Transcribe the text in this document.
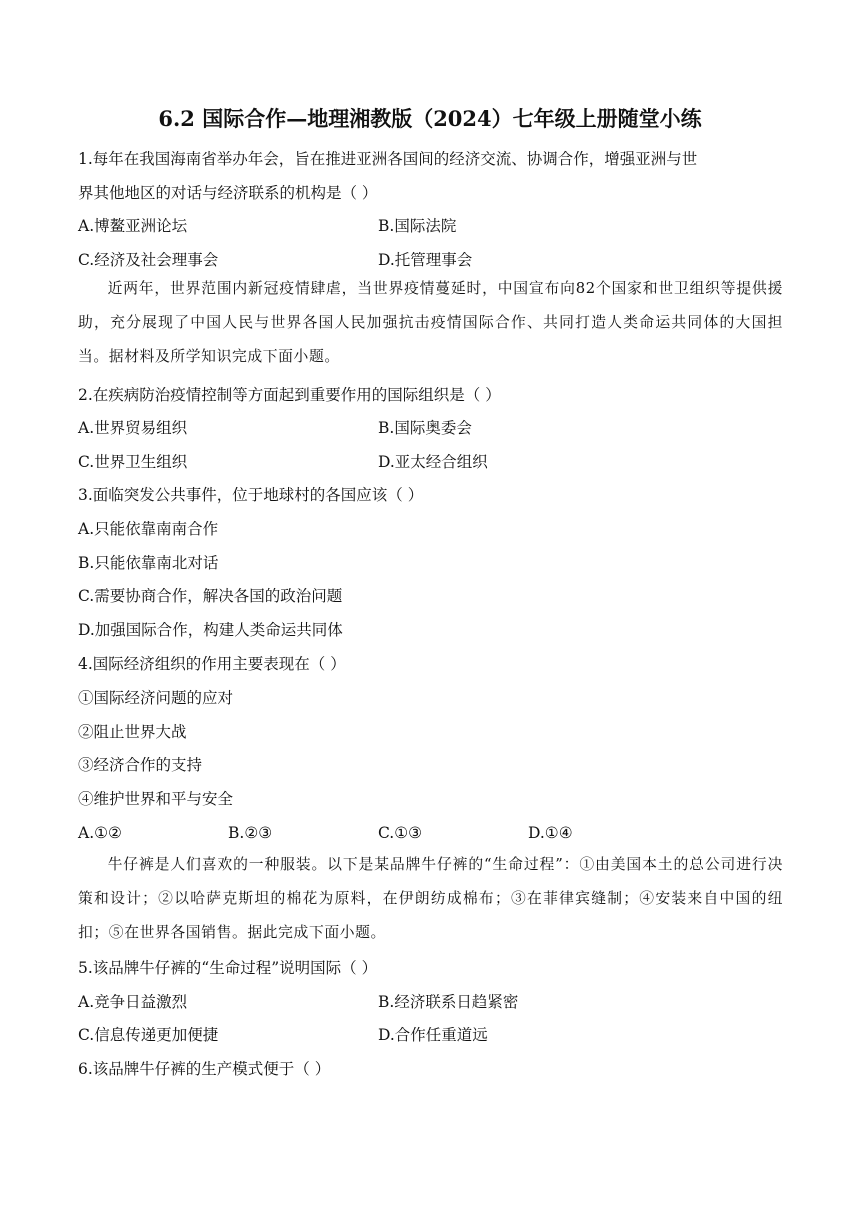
6.2 国际合作—地理湘教版（2024）七年级上册随堂小练
1.每年在我国海南省举办年会，旨在推进亚洲各国间的经济交流、协调合作，增强亚洲与世
界其他地区的对话与经济联系的机构是（ ）
A.博鳌亚洲论坛	B.国际法院
C.经济及社会理事会	D.托管理事会
近两年，世界范围内新冠疫情肆虐，当世界疫情蔓延时，中国宣布向82个国家和世卫组织等提供援助，充分展现了中国人民与世界各国人民加强抗击疫情国际合作、共同打造人类命运共同体的大国担当。据材料及所学知识完成下面小题。
2.在疾病防治疫情控制等方面起到重要作用的国际组织是（ ）
A.世界贸易组织	B.国际奥委会
C.世界卫生组织	D.亚太经合组织
3.面临突发公共事件，位于地球村的各国应该（ ）
A.只能依靠南南合作
B.只能依靠南北对话
C.需要协商合作，解决各国的政治问题
D.加强国际合作，构建人类命运共同体
4.国际经济组织的作用主要表现在（ ）
①国际经济问题的应对
②阻止世界大战
③经济合作的支持
④维护世界和平与安全
A.①②	B.②③	C.①③	D.①④
牛仔裤是人们喜欢的一种服装。以下是某品牌牛仔裤的“生命过程”：①由美国本土的总公司进行决策和设计；②以哈萨克斯坦的棉花为原料，在伊朗纺成棉布；③在菲律宾缝制；④安装来自中国的纽扣；⑤在世界各国销售。据此完成下面小题。
5.该品牌牛仔裤的“生命过程”说明国际（ ）
A.竞争日益激烈	B.经济联系日趋紧密
C.信息传递更加便捷	D.合作任重道远
6.该品牌牛仔裤的生产模式便于（ ）
